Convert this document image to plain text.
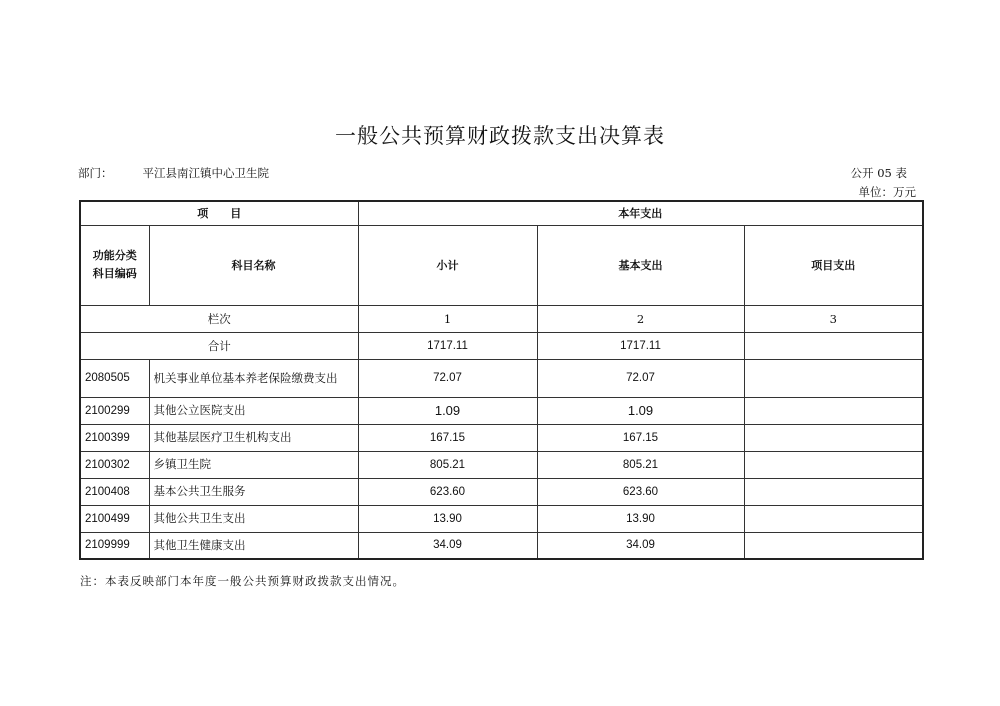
一般公共预算财政拨款支出决算表
部门：	平江县南江镇中心卫生院	公开 05 表
单位：万元
项　　目		本年支出		
功能分类
科目编码	科目名称	小计	基本支出	项目支出
栏次		1	2	3
合计		1717.11	1717.11	
2080505	机关事业单位基本养老保险缴费支出	72.07	72.07	
2100299	其他公立医院支出	1.09	1.09	
2100399	其他基层医疗卫生机构支出	167.15	167.15	
2100302	乡镇卫生院	805.21	805.21	
2100408	基本公共卫生服务	623.60	623.60	
2100499	其他公共卫生支出	13.90	13.90	
2109999	其他卫生健康支出	34.09	34.09	
注：本表反映部门本年度一般公共预算财政拨款支出情况。
